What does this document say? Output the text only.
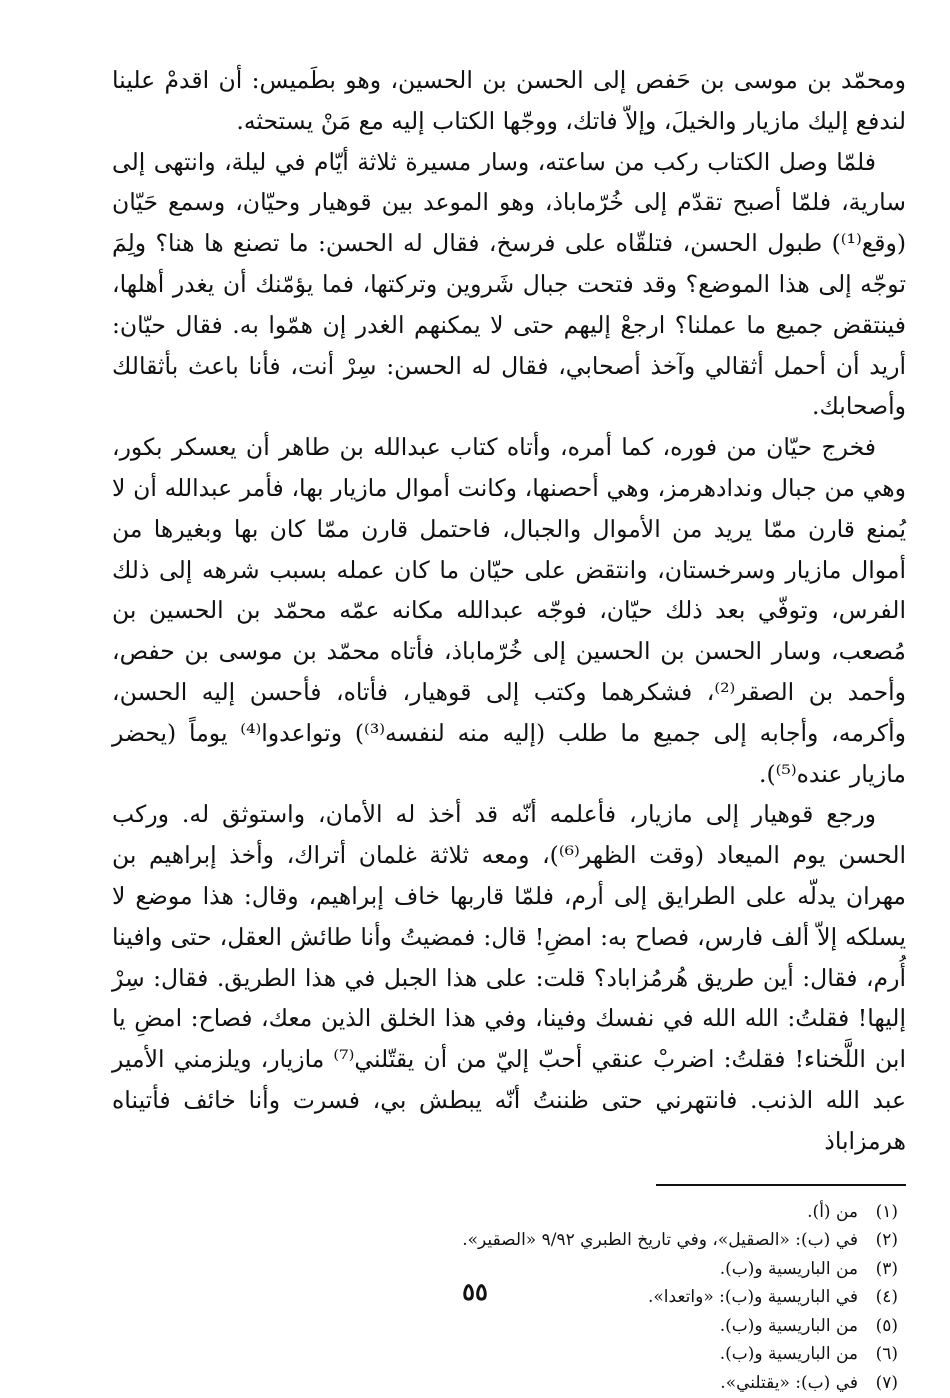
ومحمّد بن موسى بن حَفص إلى الحسن بن الحسين، وهو بطَميس: أن اقدمْ علينا لندفع إليك مازيار والخيلَ، وإلاّ فاتك، ووجّها الكتاب إليه مع مَنْ يستحثه.

فلمّا وصل الكتاب ركب من ساعته، وسار مسيرة ثلاثة أيّام في ليلة، وانتهى إلى سارية، فلمّا أصبح تقدّم إلى خُرّماباذ، وهو الموعد بين قوهيار وحيّان، وسمع حَيّان (وقع⁽¹⁾) طبول الحسن، فتلقّاه على فرسخ، فقال له الحسن: ما تصنع ها هنا؟ ولِمَ توجّه إلى هذا الموضع؟ وقد فتحت جبال شَروين وتركتها، فما يؤمّنك أن يغدر أهلها، فينتقض جميع ما عملنا؟ ارجعْ إليهم حتى لا يمكنهم الغدر إن همّوا به. فقال حيّان: أريد أن أحمل أثقالي وآخذ أصحابي، فقال له الحسن: سِرْ أنت، فأنا باعث بأثقالك وأصحابك.

فخرج حيّان من فوره، كما أمره، وأتاه كتاب عبدالله بن طاهر أن يعسكر بكور، وهي من جبال وندادهرمز، وهي أحصنها، وكانت أموال مازيار بها، فأمر عبدالله أن لا يُمنع قارن ممّا يريد من الأموال والجبال، فاحتمل قارن ممّا كان بها وبغيرها من أموال مازيار وسرخستان، وانتقض على حيّان ما كان عمله بسبب شرهه إلى ذلك الفرس، وتوفّي بعد ذلك حيّان، فوجّه عبدالله مكانه عمّه محمّد بن الحسين بن مُصعب، وسار الحسن بن الحسين إلى خُرّماباذ، فأتاه محمّد بن موسى بن حفص، وأحمد بن الصقر⁽²⁾، فشكرهما وكتب إلى قوهيار، فأتاه، فأحسن إليه الحسن، وأكرمه، وأجابه إلى جميع ما طلب (إليه منه لنفسه⁽³⁾) وتواعدوا⁽⁴⁾ يوماً (يحضر مازيار عنده⁽⁵⁾).

ورجع قوهيار إلى مازيار، فأعلمه أنّه قد أخذ له الأمان، واستوثق له. وركب الحسن يوم الميعاد (وقت الظهر⁽⁶⁾)، ومعه ثلاثة غلمان أتراك، وأخذ إبراهيم بن مهران يدلّه على الطرايق إلى أرم، فلمّا قاربها خاف إبراهيم، وقال: هذا موضع لا يسلكه إلاّ ألف فارس، فصاح به: امضِ! قال: فمضيتُ وأنا طائش العقل، حتى وافينا أُرم، فقال: أين طريق هُرمُزاباد؟ قلت: على هذا الجبل في هذا الطريق. فقال: سِرْ إليها! فقلتُ: الله الله في نفسك وفينا، وفي هذا الخلق الذين معك، فصاح: امضِ يا ابن اللَّخناء! فقلتُ: اضربْ عنقي أحبّ إليّ من أن يقتّلني⁽⁷⁾ مازيار، ويلزمني الأمير عبد الله الذنب. فانتهرني حتى ظننتُ أنّه يبطش بي، فسرت وأنا خائف فأتيناه هرمزاباذ

(١)من (أ).
(٢)في (ب): «الصقيل»، وفي تاريخ الطبري ٩/٩٢ «الصقير».
(٣)من الباريسية و(ب).
(٤)في الباريسية و(ب): «واتعدا».
(٥)من الباريسية و(ب).
(٦)من الباريسية و(ب).
(٧)في (ب): «يقتلني».
٥٥
